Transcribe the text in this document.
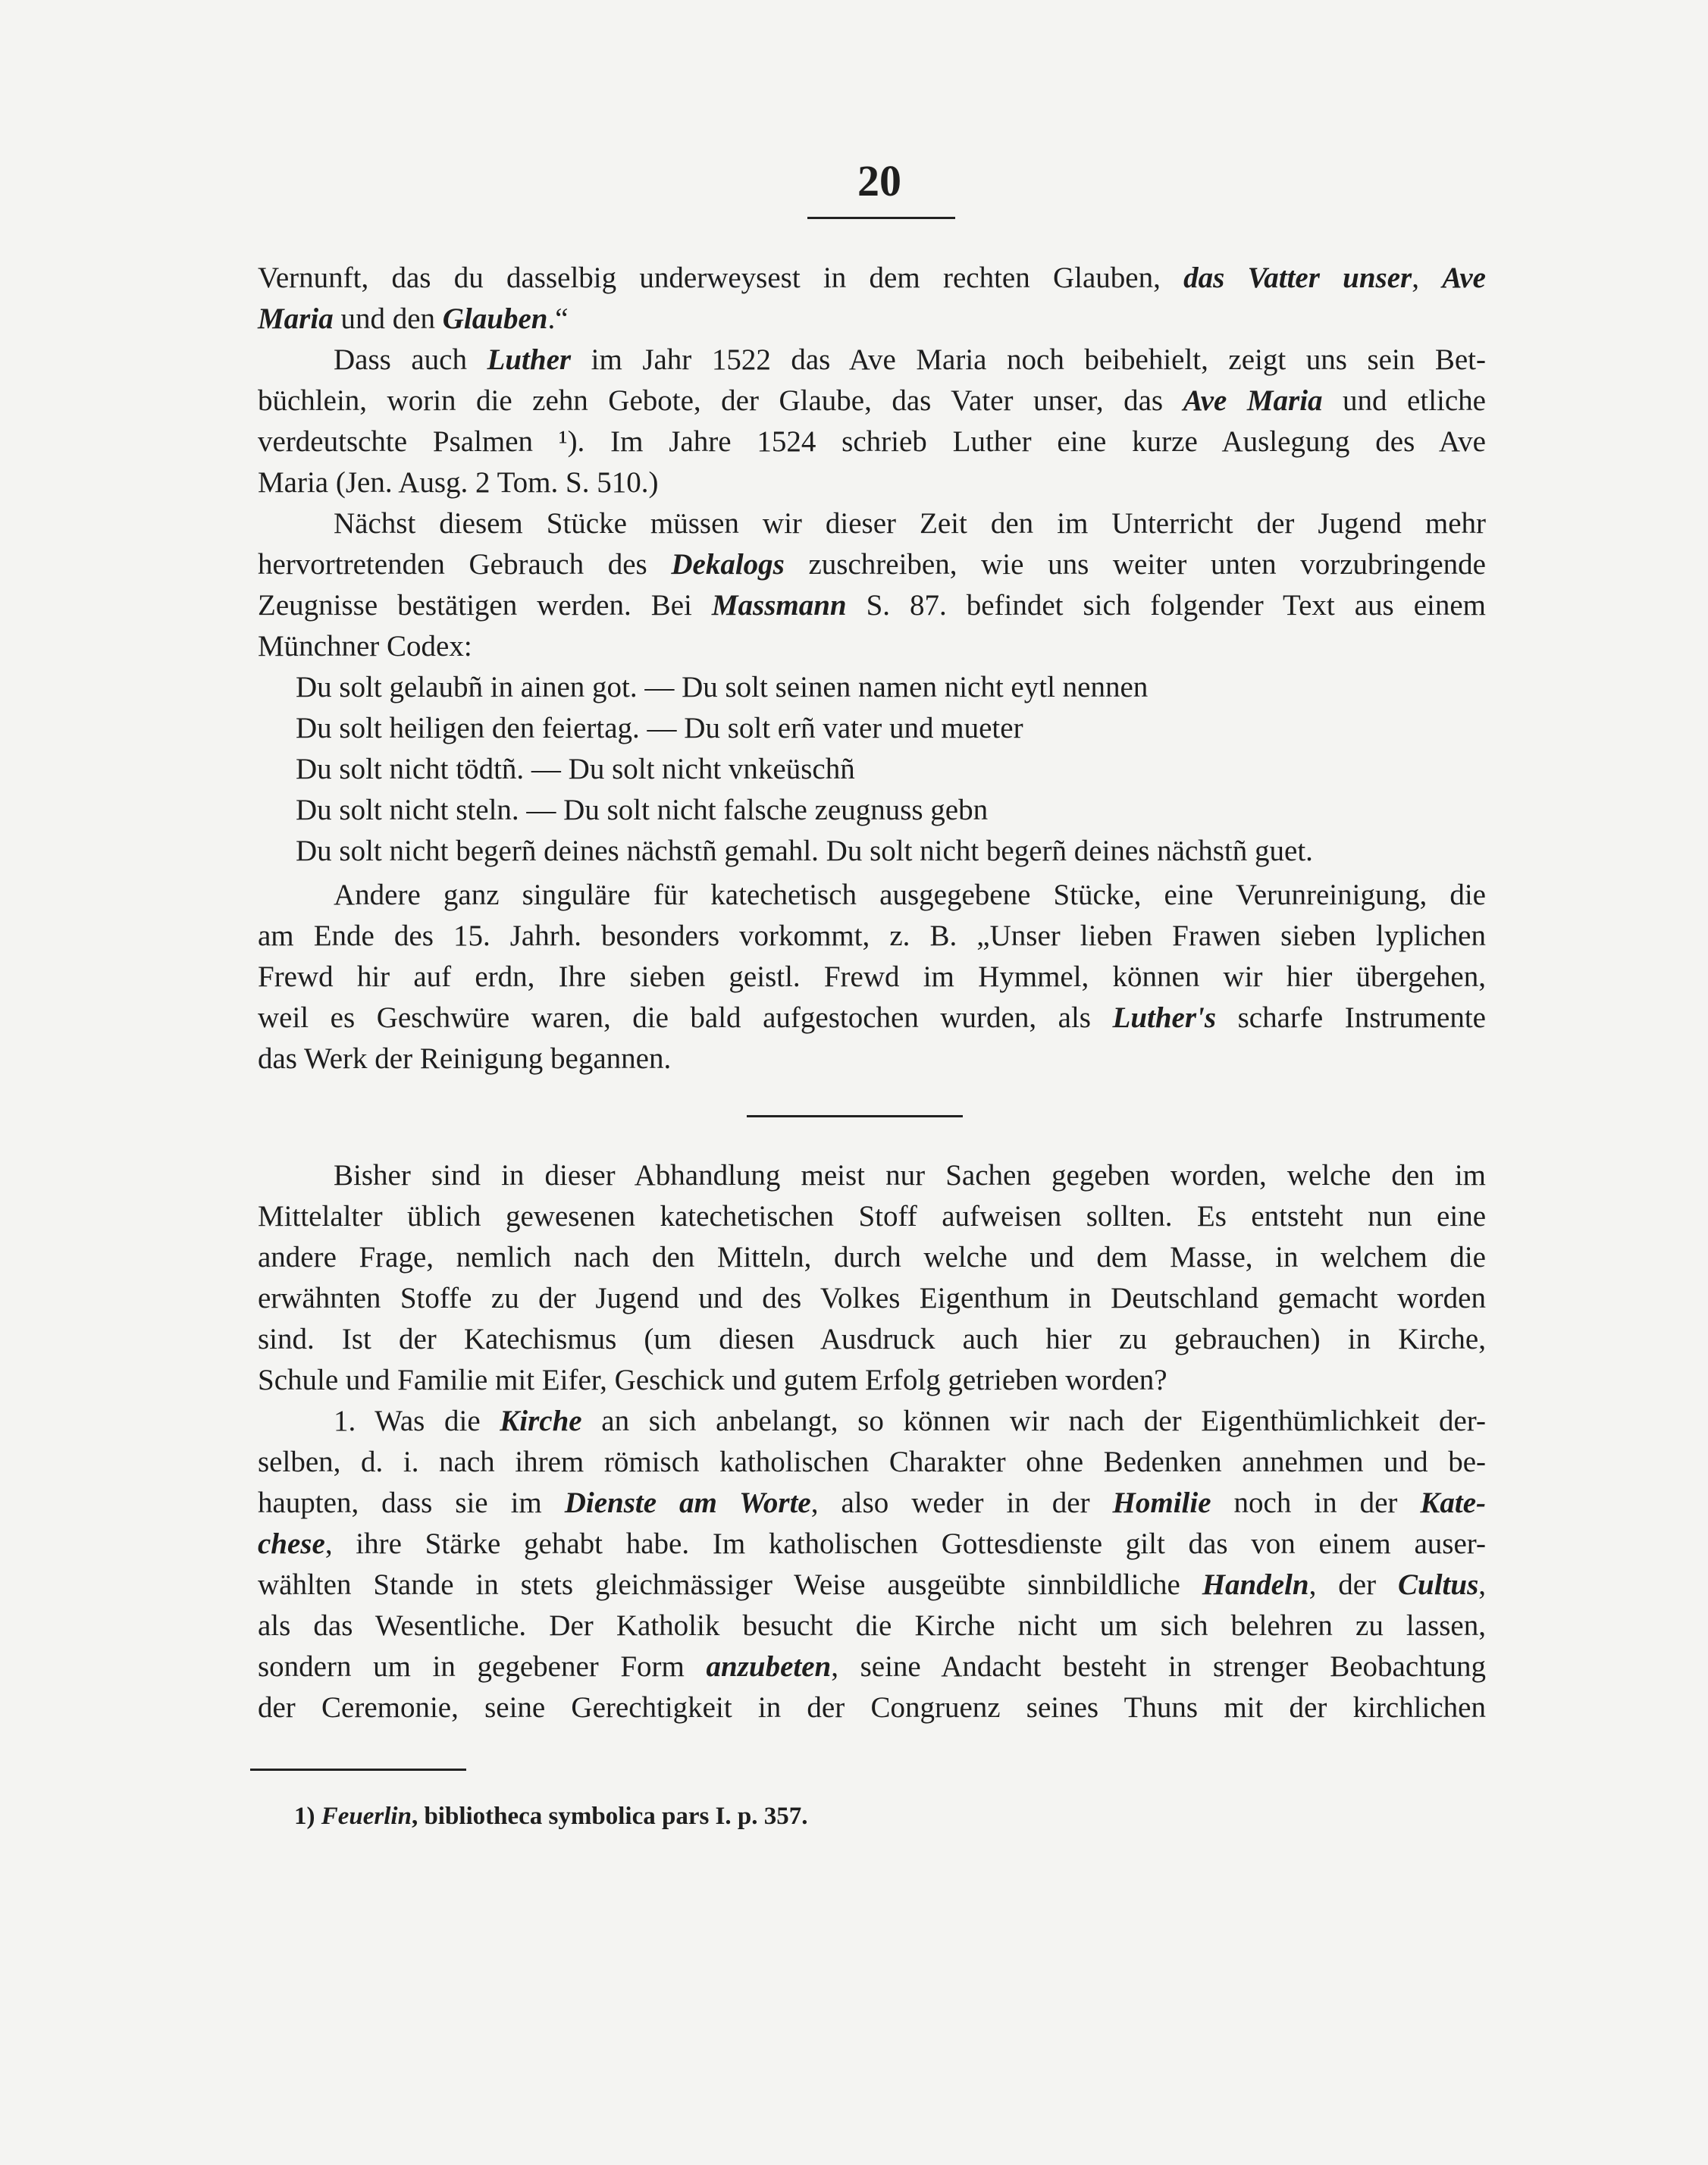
20
Vernunft, das du dasselbig underweysest in dem rechten Glauben, das Vatter unser, Ave
Maria und den Glauben.“
Dass auch Luther im Jahr 1522 das Ave Maria noch beibehielt, zeigt uns sein Bet-
büchlein, worin die zehn Gebote, der Glaube, das Vater unser, das Ave Maria und etliche
verdeutschte Psalmen ¹). Im Jahre 1524 schrieb Luther eine kurze Auslegung des Ave
Maria (Jen. Ausg. 2 Tom. S. 510.)
Nächst diesem Stücke müssen wir dieser Zeit den im Unterricht der Jugend mehr
hervortretenden Gebrauch des Dekalogs zuschreiben, wie uns weiter unten vorzubringende
Zeugnisse bestätigen werden. Bei Massmann S. 87. befindet sich folgender Text aus einem
Münchner Codex:
Du solt gelaubñ in ainen got. — Du solt seinen namen nicht eytl nennen
Du solt heiligen den feiertag. — Du solt erñ vater und mueter
Du solt nicht tödtñ. — Du solt nicht vnkeüschñ
Du solt nicht steln. — Du solt nicht falsche zeugnuss gebn
Du solt nicht begerñ deines nächstñ gemahl. Du solt nicht begerñ deines nächstñ guet.
Andere ganz singuläre für katechetisch ausgegebene Stücke, eine Verunreinigung, die
am Ende des 15. Jahrh. besonders vorkommt, z. B. „Unser lieben Frawen sieben lyplichen
Frewd hir auf erdn, Ihre sieben geistl. Frewd im Hymmel, können wir hier übergehen,
weil es Geschwüre waren, die bald aufgestochen wurden, als Luther's scharfe Instrumente
das Werk der Reinigung begannen.
Bisher sind in dieser Abhandlung meist nur Sachen gegeben worden, welche den im
Mittelalter üblich gewesenen katechetischen Stoff aufweisen sollten. Es entsteht nun eine
andere Frage, nemlich nach den Mitteln, durch welche und dem Masse, in welchem die
erwähnten Stoffe zu der Jugend und des Volkes Eigenthum in Deutschland gemacht worden
sind. Ist der Katechismus (um diesen Ausdruck auch hier zu gebrauchen) in Kirche,
Schule und Familie mit Eifer, Geschick und gutem Erfolg getrieben worden?
1. Was die Kirche an sich anbelangt, so können wir nach der Eigenthümlichkeit der-
selben, d. i. nach ihrem römisch katholischen Charakter ohne Bedenken annehmen und be-
haupten, dass sie im Dienste am Worte, also weder in der Homilie noch in der Kate-
chese, ihre Stärke gehabt habe. Im katholischen Gottesdienste gilt das von einem auser-
wählten Stande in stets gleichmässiger Weise ausgeübte sinnbildliche Handeln, der Cultus,
als das Wesentliche. Der Katholik besucht die Kirche nicht um sich belehren zu lassen,
sondern um in gegebener Form anzubeten, seine Andacht besteht in strenger Beobachtung
der Ceremonie, seine Gerechtigkeit in der Congruenz seines Thuns mit der kirchlichen
1) Feuerlin, bibliotheca symbolica pars I. p. 357.
